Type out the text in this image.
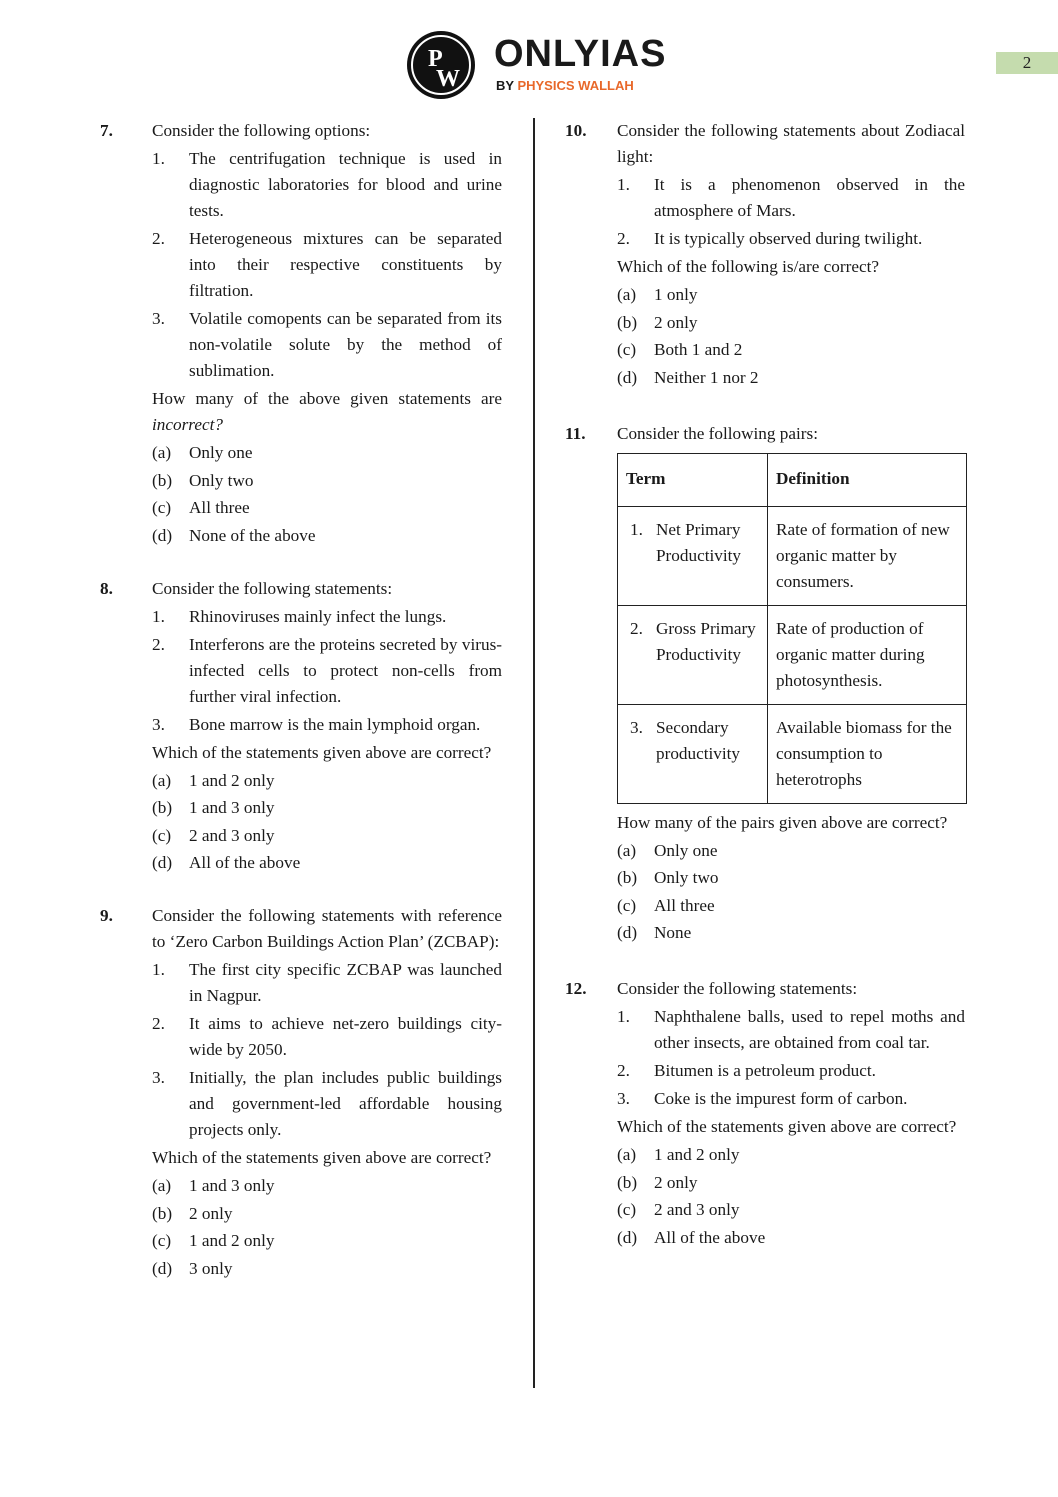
P
W
ONLYIAS
BY PHYSICS WALLAH
2
7. Consider the following options:

1. The centrifugation technique is used in diagnostic laboratories for blood and urine tests.
2. Heterogeneous mixtures can be separated into their respective constituents by filtration.
3. Volatile comopents can be separated from its non-volatile solute by the method of sublimation.

How many of the above given statements are incorrect?

(a) Only one
(b) Only two
(c) All three
(d) None of the above
8. Consider the following statements:

1. Rhinoviruses mainly infect the lungs.
2. Interferons are the proteins secreted by virus-infected cells to protect non-cells from further viral infection.
3. Bone marrow is the main lymphoid organ.

Which of the statements given above are correct?

(a) 1 and 2 only
(b) 1 and 3 only
(c) 2 and 3 only
(d) All of the above
9. Consider the following statements with reference to ‘Zero Carbon Buildings Action Plan’ (ZCBAP):

1. The first city specific ZCBAP was launched in Nagpur.
2. It aims to achieve net-zero buildings city-wide by 2050.
3. Initially, the plan includes public buildings and government-led affordable housing projects only.

Which of the statements given above are correct?

(a) 1 and 3 only
(b) 2 only
(c) 1 and 2 only
(d) 3 only
10. Consider the following statements about Zodiacal light:

1. It is a phenomenon observed in the atmosphere of Mars.
2. It is typically observed during twilight.

Which of the following is/are correct?

(a) 1 only
(b) 2 only
(c) Both 1 and 2
(d) Neither 1 nor 2
11. Consider the following pairs:

Term	Definition

1. Net Primary Productivity	Rate of formation of new organic matter by consumers.

2. Gross Primary Productivity	Rate of production of organic matter during photosynthesis.

3. Secondary productivity	Available biomass for the consumption to heterotrophs

How many of the pairs given above are correct?

(a) Only one
(b) Only two
(c) All three
(d) None
12. Consider the following statements:

1. Naphthalene balls, used to repel moths and other insects, are obtained from coal tar.
2. Bitumen is a petroleum product.
3. Coke is the impurest form of carbon.

Which of the statements given above are correct?

(a) 1 and 2 only
(b) 2 only
(c) 2 and 3 only
(d) All of the above
